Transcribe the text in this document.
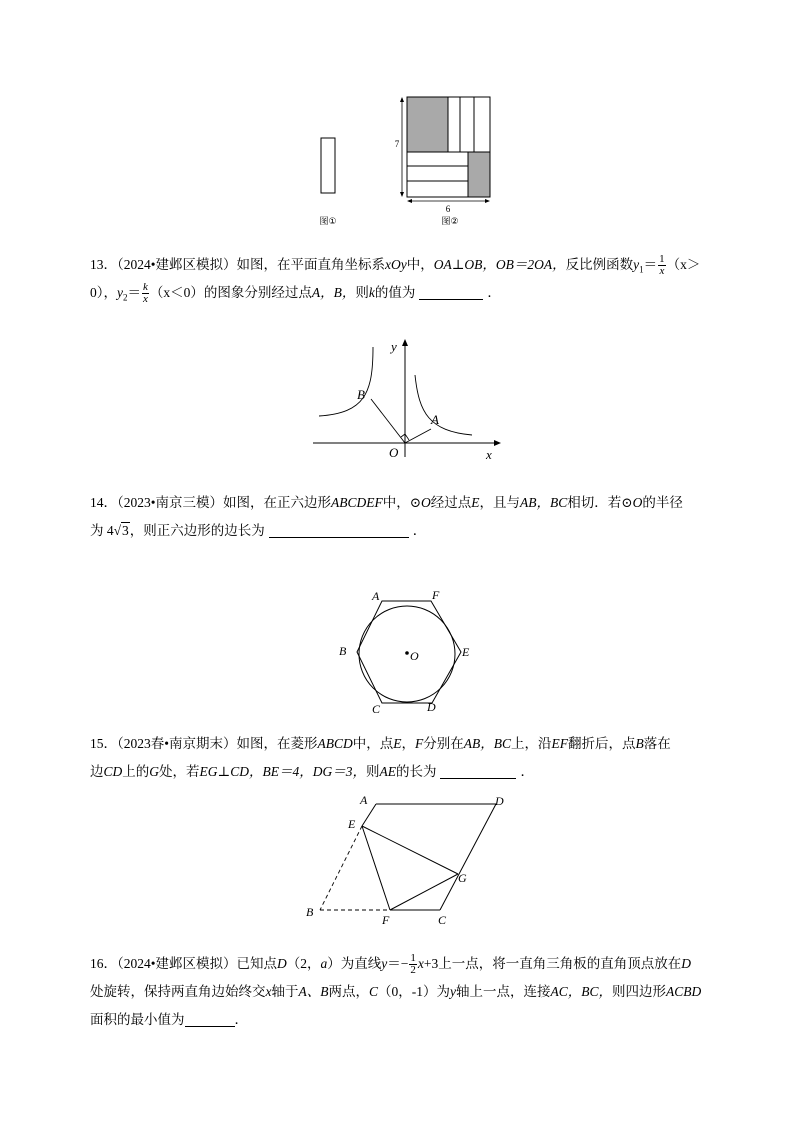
7
6
图①	图②
13．（2024•建邺区模拟）如图，在平面直角坐标系xOy中，OA⊥OB，OB＝2OA，反比例函数$y_1= \frac{1}{x} (x>$
0），$y_2= \frac{k}{x} (x<0)$的图象分别经过点A，B，则k的值为	．
y
x
O
A
B
14．（2023•南京三模）如图，在正六边形ABCDEF中，⊙O经过点E，且与AB，BC相切．若⊙O的半径
为 4√3，则正六边形的边长为	．
O
A	F
B	E
C	D
15．（2023春•南京期末）如图，在菱形ABCD中，点E，F分别在AB，BC上，沿EF翻折后，点B落在
边CD上的G处，若EG⊥CD，BE＝4，DG＝3，则AE的长为	．
A	D
E
G
B
F	C
16．（2024•建邺区模拟）已知点D（2，a）为直线$y=- \frac{1}{2} x+3$上一点，将一直角三角板的直角顶点放在D
处旋转，保持两直角边始终交x轴于A、B两点，C（0，-1）为y轴上一点，连接AC，BC，则四边形ACBD
面积的最小值为	．
